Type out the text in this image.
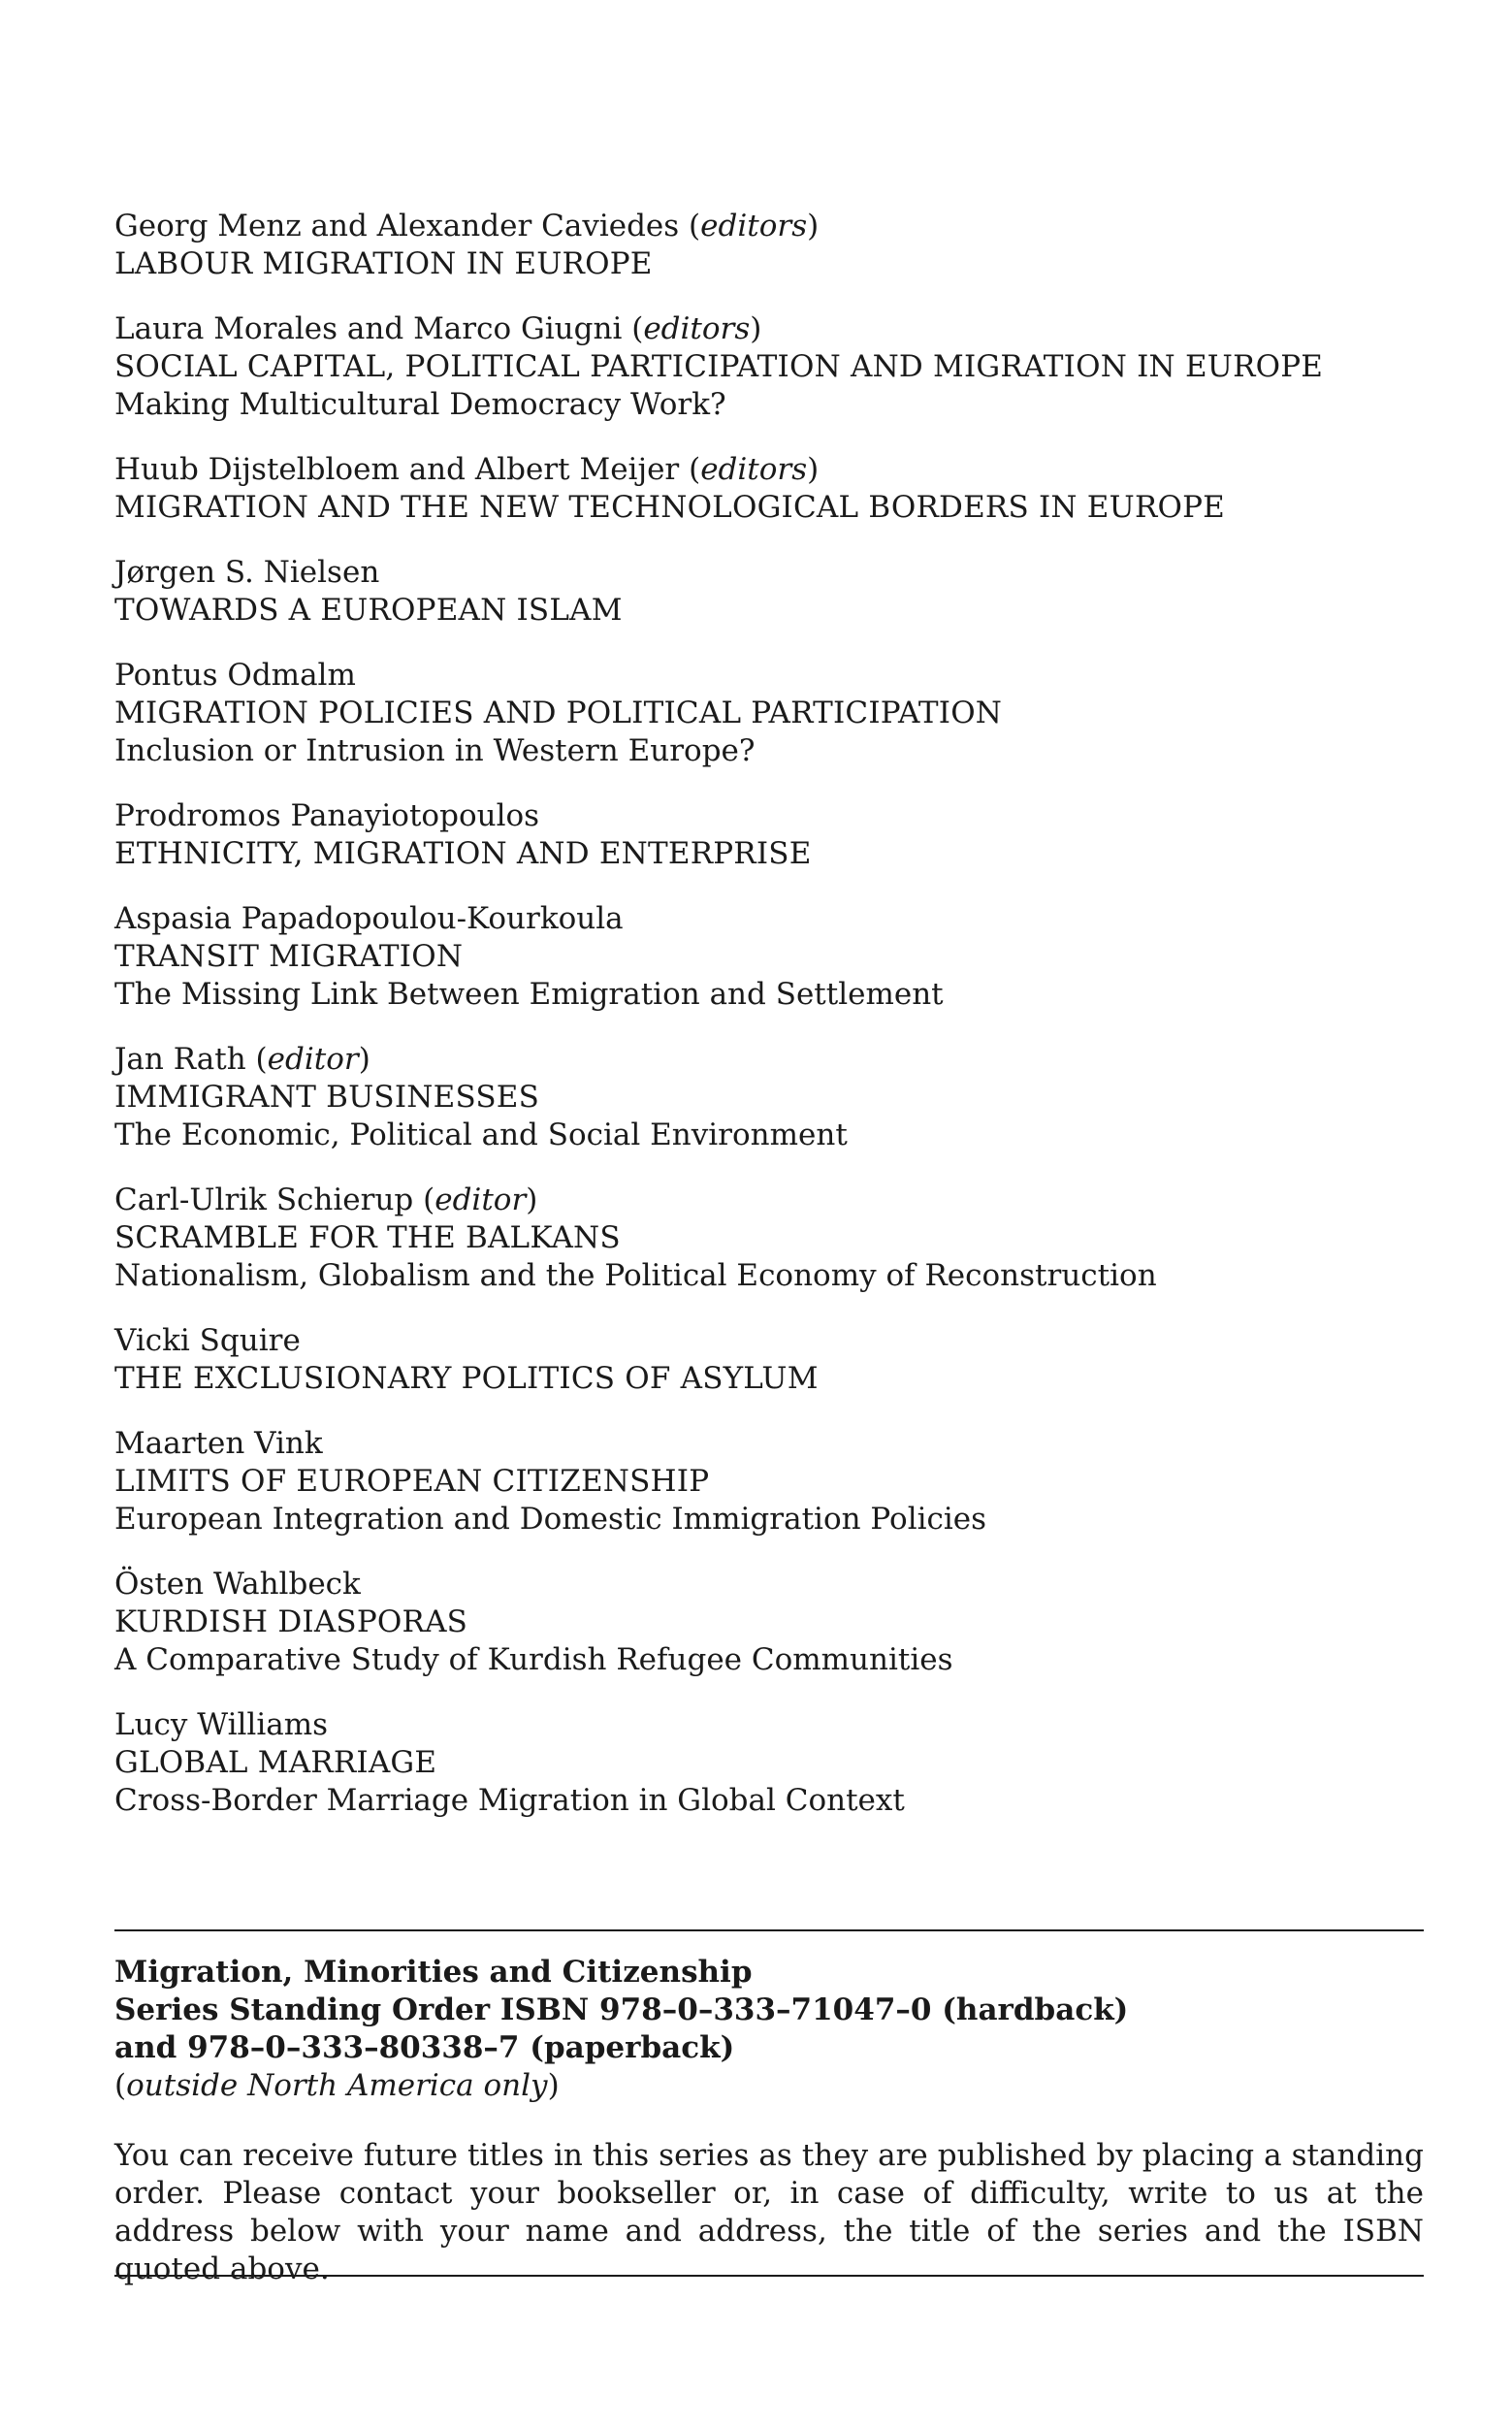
Georg Menz and Alexander Caviedes (editors)
LABOUR MIGRATION IN EUROPE
Laura Morales and Marco Giugni (editors)
SOCIAL CAPITAL, POLITICAL PARTICIPATION AND MIGRATION IN EUROPE
Making Multicultural Democracy Work?
Huub Dijstelbloem and Albert Meijer (editors)
MIGRATION AND THE NEW TECHNOLOGICAL BORDERS IN EUROPE
Jørgen S. Nielsen
TOWARDS A EUROPEAN ISLAM
Pontus Odmalm
MIGRATION POLICIES AND POLITICAL PARTICIPATION
Inclusion or Intrusion in Western Europe?
Prodromos Panayiotopoulos
ETHNICITY, MIGRATION AND ENTERPRISE
Aspasia Papadopoulou-Kourkoula
TRANSIT MIGRATION
The Missing Link Between Emigration and Settlement
Jan Rath (editor)
IMMIGRANT BUSINESSES
The Economic, Political and Social Environment
Carl-Ulrik Schierup (editor)
SCRAMBLE FOR THE BALKANS
Nationalism, Globalism and the Political Economy of Reconstruction
Vicki Squire
THE EXCLUSIONARY POLITICS OF ASYLUM
Maarten Vink
LIMITS OF EUROPEAN CITIZENSHIP
European Integration and Domestic Immigration Policies
Östen Wahlbeck
KURDISH DIASPORAS
A Comparative Study of Kurdish Refugee Communities
Lucy Williams
GLOBAL MARRIAGE
Cross-Border Marriage Migration in Global Context
Migration, Minorities and Citizenship
Series Standing Order ISBN 978–0–333–71047–0 (hardback)
and 978–0–333–80338–7 (paperback)
(outside North America only)
You can receive future titles in this series as they are published by placing a standing order. Please contact your bookseller or, in case of difficulty, write to us at the address below with your name and address, the title of the series and the ISBN quoted above.
